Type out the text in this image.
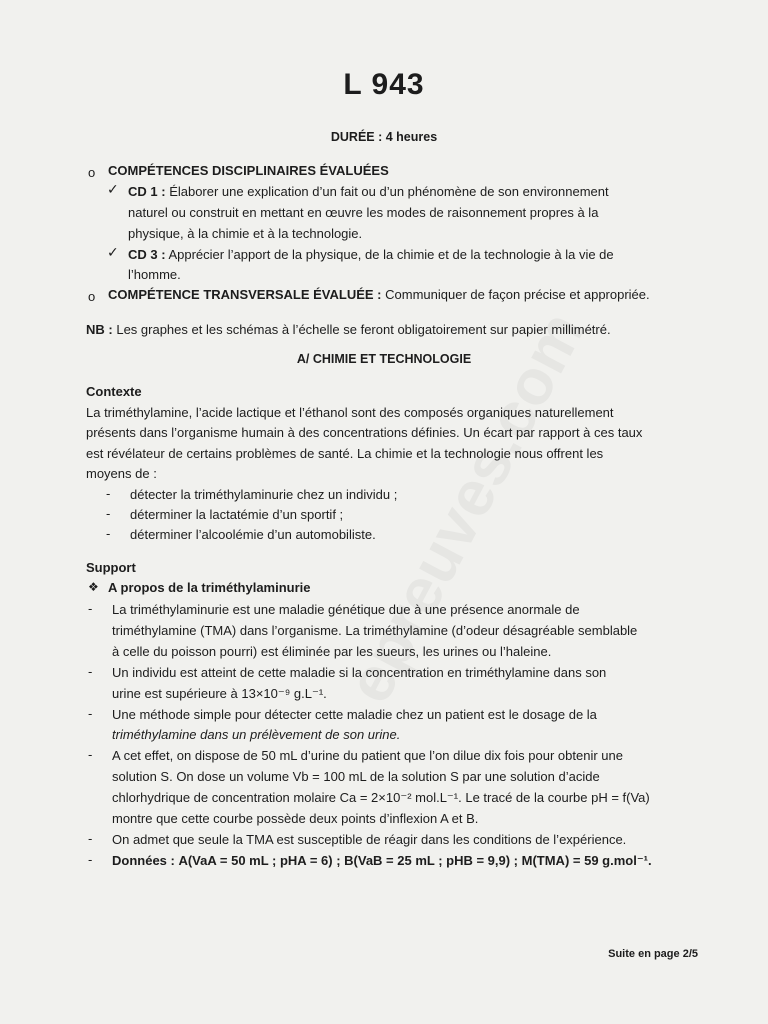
L 943
DURÉE : 4 heures
o COMPÉTENCES DISCIPLINAIRES ÉVALUÉES
✓ CD 1 : Élaborer une explication d’un fait ou d’un phénomène de son environnement
naturel ou construit en mettant en œuvre les modes de raisonnement propres à la
physique, à la chimie et à la technologie.
✓ CD 3 : Apprécier l’apport de la physique, de la chimie et de la technologie à la vie de
l’homme.
o COMPÉTENCE TRANSVERSALE ÉVALUÉE : Communiquer de façon précise et appropriée.
NB : Les graphes et les schémas à l’échelle se feront obligatoirement sur papier millimétré.
A/ CHIMIE ET TECHNOLOGIE
Contexte
La triméthylamine, l’acide lactique et l’éthanol sont des composés organiques naturellement
présents dans l’organisme humain à des concentrations définies. Un écart par rapport à ces taux
est révélateur de certains problèmes de santé. La chimie et la technologie nous offrent les
moyens de :
- détecter la triméthylaminurie chez un individu ;
- déterminer la lactatémie d’un sportif ;
- déterminer l’alcoolémie d’un automobiliste.
Support
❖ A propos de la triméthylaminurie
- La triméthylaminurie est une maladie génétique due à une présence anormale de
triméthylamine (TMA) dans l’organisme. La triméthylamine (d’odeur désagréable semblable
à celle du poisson pourri) est éliminée par les sueurs, les urines ou l’haleine.
- Un individu est atteint de cette maladie si la concentration en triméthylamine dans son
urine est supérieure à 13×10⁻⁹ g.L⁻¹.
- Une méthode simple pour détecter cette maladie chez un patient est le dosage de la
triméthylamine dans un prélèvement de son urine.
- A cet effet, on dispose de 50 mL d’urine du patient que l’on dilue dix fois pour obtenir une
solution S. On dose un volume Vb = 100 mL de la solution S par une solution d’acide
chlorhydrique de concentration molaire Ca = 2×10⁻² mol.L⁻¹. Le tracé de la courbe pH = f(Va)
montre que cette courbe possède deux points d’inflexion A et B.
- On admet que seule la TMA est susceptible de réagir dans les conditions de l’expérience.
- Données : A(VaA = 50 mL ; pHA = 6) ; B(VaB = 25 mL ; pHB = 9,9) ; M(TMA) = 59 g.mol⁻¹.
Suite en page 2/5
